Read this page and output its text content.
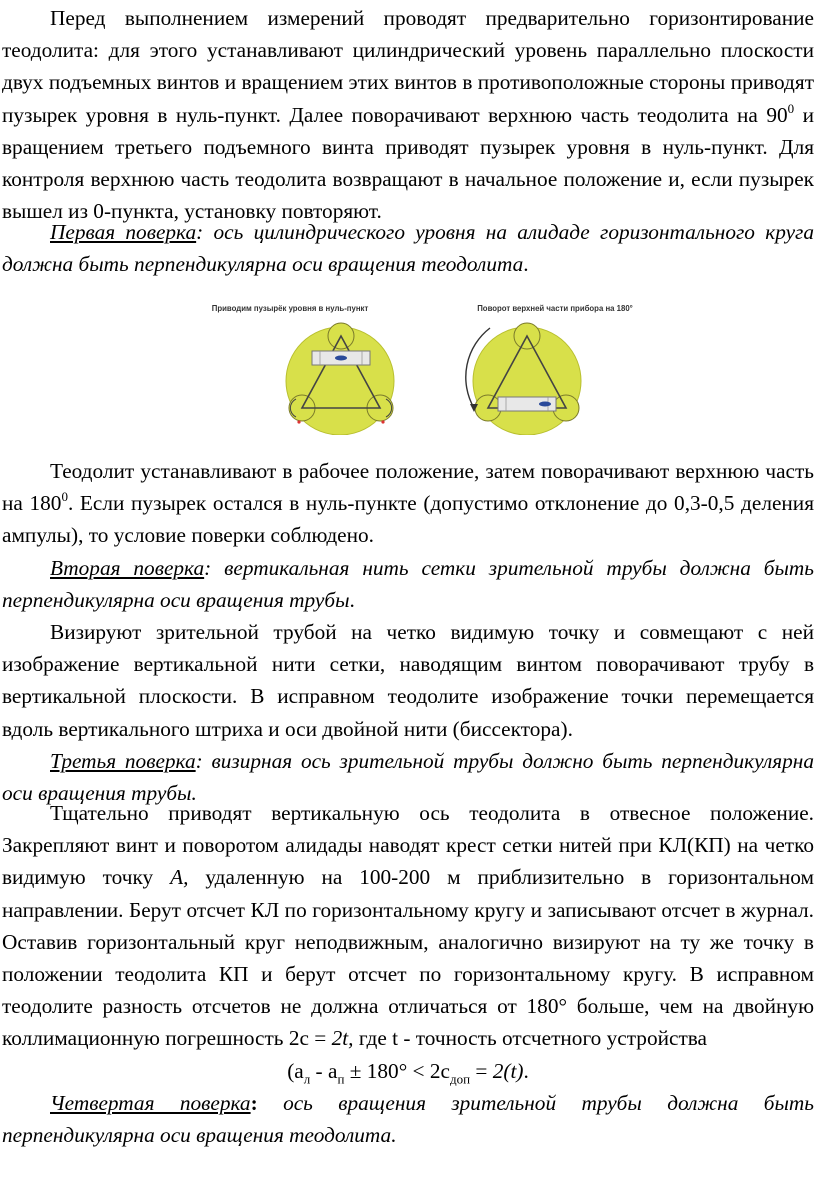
Перед выполнением измерений проводят предварительно горизонтирование теодолита: для этого устанавливают цилиндрический уровень параллельно плоскости двух подъемных винтов и вращением этих винтов в противоположные стороны приводят пузырек уровня в нуль-пункт. Далее поворачивают верхнюю часть теодолита на $90^0$ и вращением третьего подъемного винта приводят пузырек уровня в нуль-пункт. Для контроля верхнюю часть теодолита возвращают в начальное положение и, если пузырек вышел из 0-пункта, установку повторяют.

Первая поверка: ось цилиндрического уровня на алидаде горизонтального круга должна быть перпендикулярна оси вращения теодолита.

Приводим пузырёк уровня в нуль-пункт	Поворот верхней части прибора на 180°

Теодолит устанавливают в рабочее положение, затем поворачивают верхнюю часть на $180^0$. Если пузырек остался в нуль-пункте (допустимо отклонение до 0,3-0,5 деления ампулы), то условие поверки соблюдено.

Вторая поверка: вертикальная нить сетки зрительной трубы должна быть перпендикулярна оси вращения трубы.

Визируют зрительной трубой на четко видимую точку и совмещают с ней изображение вертикальной нити сетки, наводящим винтом поворачивают трубу в вертикальной плоскости. В исправном теодолите изображение точки перемещается вдоль вертикального штриха и оси двойной нити (биссектора).

Третья поверка: визирная ось зрительной трубы должно быть перпендикулярна оси вращения трубы.

Тщательно приводят вертикальную ось теодолита в отвесное положение. Закрепляют винт и поворотом алидады наводят крест сетки нитей при КЛ(КП) на четко видимую точку А, удаленную на 100-200 м приблизительно в горизонтальном направлении. Берут отсчет КЛ по горизонтальному кругу и записывают отсчет в журнал. Оставив горизонтальный круг неподвижным, аналогично визируют на ту же точку в положении теодолита КП и берут отсчет по горизонтальному кругу. В исправном теодолите разность отсчетов не должна отличаться от 180° больше, чем на двойную коллимационную погрешность 2с = 2t, где t - точность отсчетного устройства

($а_л - а_п \pm 180^\circ < 2с_{доп} = 2(t)$.

Четвертая поверка: ось вращения зрительной трубы должна быть перпендикулярна оси вращения теодолита.
